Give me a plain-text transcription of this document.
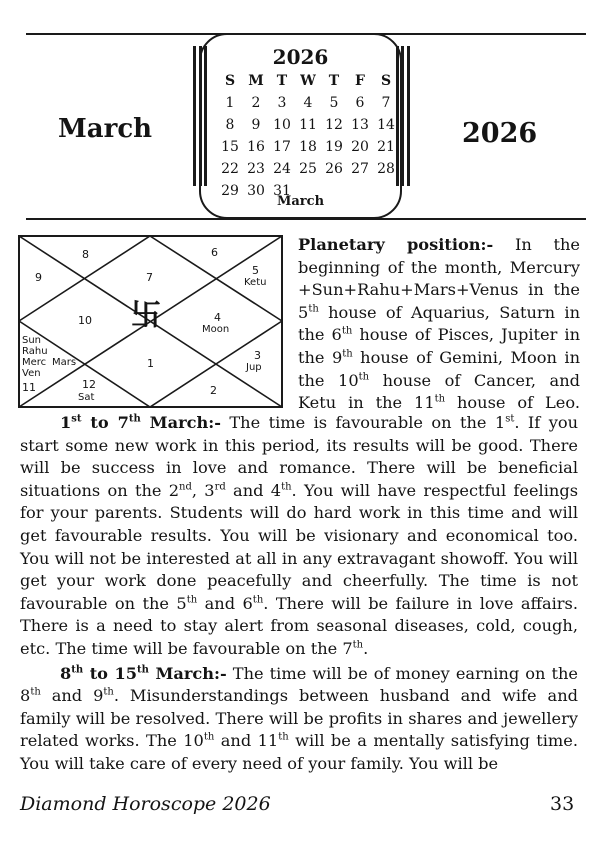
March	2026
2026
S M T W T	F	S
1	2	3	4	5	6	7
8	9 10 11 12 13 14
15 16 17 18 19 20 21
22 23 24 25 26 27 28
29 30 31
March
8	6
9	7
5
Ketu
10 卐	4
Moon
Sun
Rahu
Merc Mars
Ven
11
1
3
Jup
12
Sat
2

Planetary position:- In the beginning of the month, Mercury +Sun+Rahu+Mars+Venus in the 5th house of Aquarius, Saturn in the 6th house of Pisces, Jupiter in the 9th house of Gemini, Moon in the 10th house of Cancer, and Ketu in the 11th house of Leo.

1st to 7th March:- The time is favourable on the 1st. If you start some new work in this period, its results will be good. There will be success in love and romance. There will be beneficial situations on the 2nd, 3rd and 4th. You will have respectful feelings for your parents. Students will do hard work in this time and will get favourable results. You will be visionary and economical too. You will not be interested at all in any extravagant showoff. You will get your work done peacefully and cheerfully. The time is not favourable on the 5th and 6th. There will be failure in love affairs. There is a need to stay alert from seasonal diseases, cold, cough, etc. The time will be favourable on the 7th.

8th to 15th March:- The time will be of money earning on the 8th and 9th. Misunderstandings between husband and wife and family will be resolved. There will be profits in shares and jewellery related works. The 10th and 11th will be a mentally satisfying time. You will take care of every need of your family. You will be

Diamond Horoscope 2026	33
